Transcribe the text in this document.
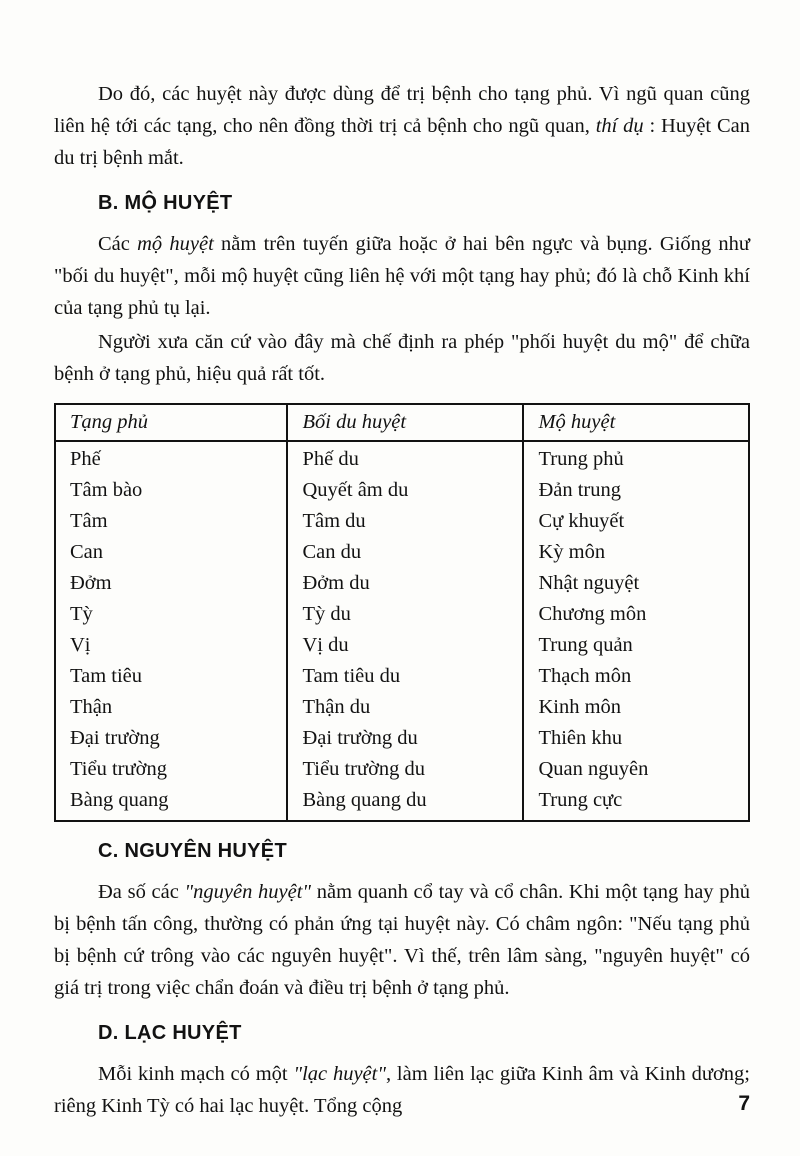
Do đó, các huyệt này được dùng để trị bệnh cho tạng phủ. Vì ngũ quan cũng liên hệ tới các tạng, cho nên đồng thời trị cả bệnh cho ngũ quan, thí dụ : Huyệt Can du trị bệnh mắt.

B. MỘ HUYỆT

Các mộ huyệt nằm trên tuyến giữa hoặc ở hai bên ngực và bụng. Giống như "bối du huyệt", mỗi mộ huyệt cũng liên hệ với một tạng hay phủ; đó là chỗ Kinh khí của tạng phủ tụ lại.

Người xưa căn cứ vào đây mà chế định ra phép "phối huyệt du mộ" để chữa bệnh ở tạng phủ, hiệu quả rất tốt.

Tạng phủ	Bối du huyệt	Mộ huyệt
Phế	Phế du	Trung phủ
Tâm bào	Quyết âm du	Đản trung
Tâm	Tâm du	Cự khuyết
Can	Can du	Kỳ môn
Đởm	Đởm du	Nhật nguyệt
Tỳ	Tỳ du	Chương môn
Vị	Vị du	Trung quản
Tam tiêu	Tam tiêu du	Thạch môn
Thận	Thận du	Kinh môn
Đại trường	Đại trường du	Thiên khu
Tiểu trường	Tiểu trường du	Quan nguyên
Bàng quang	Bàng quang du	Trung cực
C. NGUYÊN HUYỆT

Đa số các "nguyên huyệt" nằm quanh cổ tay và cổ chân. Khi một tạng hay phủ bị bệnh tấn công, thường có phản ứng tại huyệt này. Có châm ngôn: "Nếu tạng phủ bị bệnh cứ trông vào các nguyên huyệt". Vì thế, trên lâm sàng, "nguyên huyệt" có giá trị trong việc chẩn đoán và điều trị bệnh ở tạng phủ.

D. LẠC HUYỆT

Mỗi kinh mạch có một "lạc huyệt", làm liên lạc giữa Kinh âm và Kinh dương; riêng Kinh Tỳ có hai lạc huyệt. Tổng cộng	7
